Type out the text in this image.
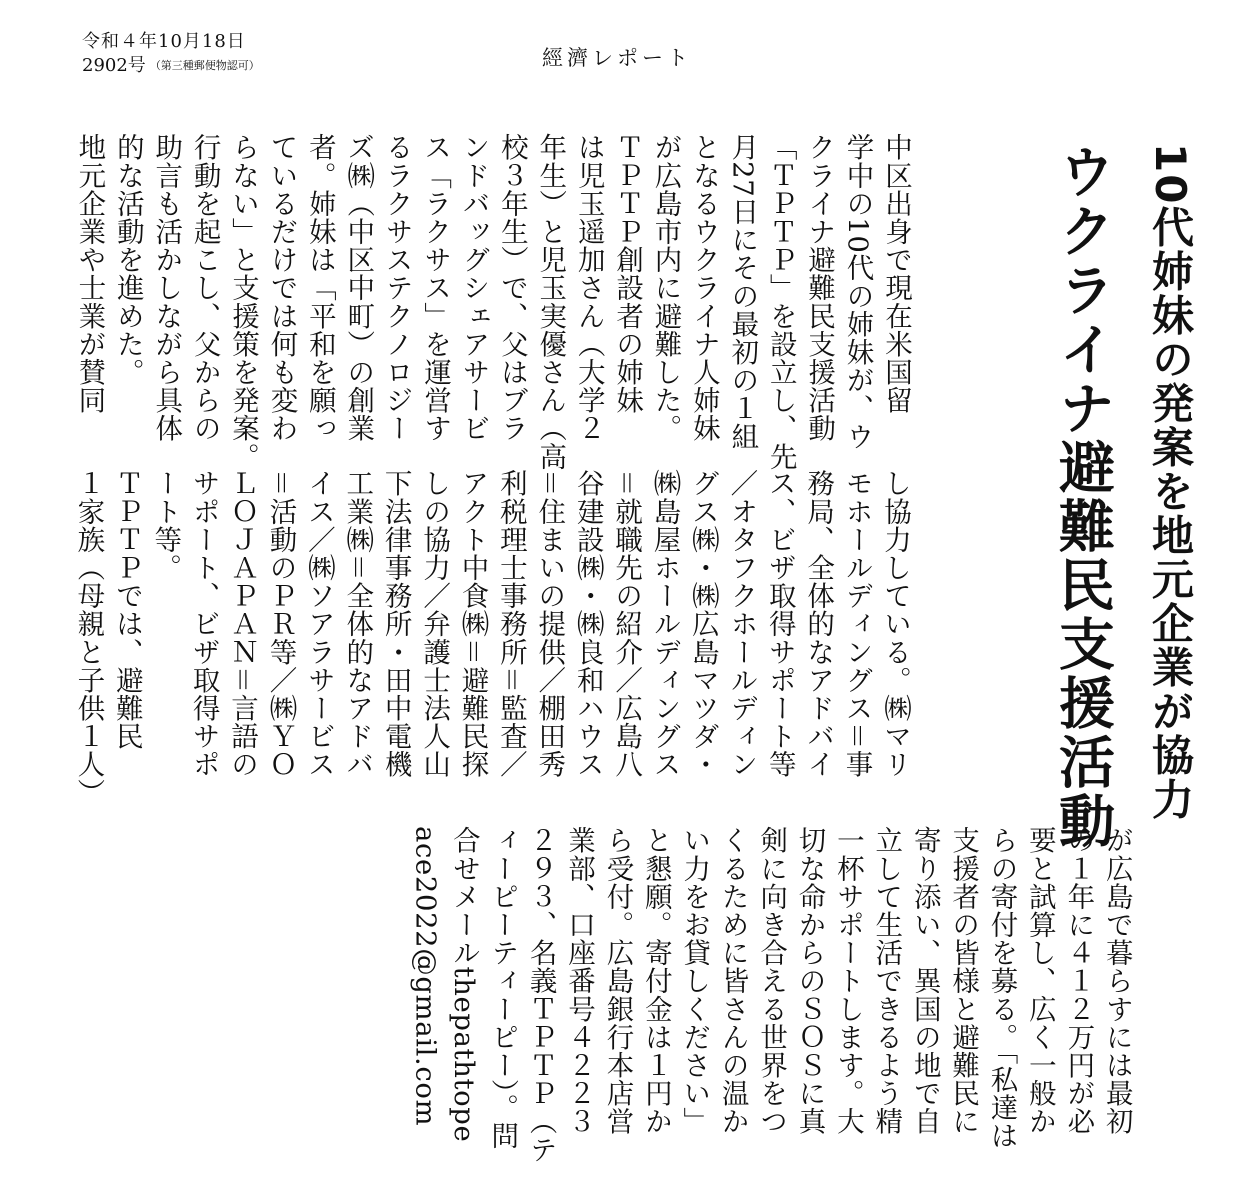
令和４年10月18日
2902号 （第三種郵便物認可）	經濟レポート
10代姉妹の発案を地元企業が協力
ウクライナ避難民支援活動
中区出身で現在米国留
学中の10代の姉妹が、ウ
クライナ避難民支援活動
「ＴＰＴＰ」を設立し、先
月27日にその最初の１組
となるウクライナ人姉妹
が広島市内に避難した。
ＴＰＴＰ創設者の姉妹
は児玉遥加さん（大学２
年生）と児玉実優さん（高
校３年生）で、父はブラ
ンドバッグシェアサービ
ス「ラクサス」を運営す
るラクサステクノロジー
ズ㈱（中区中町）の創業
者。姉妹は「平和を願っ
ているだけでは何も変わ
らない」と支援策を発案。
行動を起こし、父からの
助言も活かしながら具体
的な活動を進めた。
地元企業や士業が賛同
し協力している。㈱マリ
モホールディングス＝事
務局、全体的なアドバイ
ス、ビザ取得サポート等
／オタフクホールディン
グス㈱・㈱広島マツダ・
㈱島屋ホールディングス
＝就職先の紹介／広島八
谷建設㈱・㈱良和ハウス
＝住まいの提供／棚田秀
利税理士事務所＝監査／
アクト中食㈱＝避難民探
しの協力／弁護士法人山
下法律事務所・田中電機
工業㈱＝全体的なアドバ
イス／㈱ソアラサービス
＝活動のＰＲ等／㈱ＹＯ
ＬＯＪＡＰＡＮ＝言語の
サポート、ビザ取得サポ
ート等。
ＴＰＴＰでは、避難民
１家族（母親と子供１人）
が広島で暮らすには最初
の１年に４１２万円が必
要と試算し、広く一般か
らの寄付を募る。「私達は
支援者の皆様と避難民に
寄り添い、異国の地で自
立して生活できるよう精
一杯サポートします。大
切な命からのＳＯＳに真
剣に向き合える世界をつ
くるために皆さんの温か
い力をお貸しください」
と懇願。寄付金は１円か
ら受付。広島銀行本店営
業部、口座番号４２２３
２９３、名義ＴＰＴＰ（テ
ィーピーティーピー）。問
合せメールthepathtope
ace2022@gmail.com
